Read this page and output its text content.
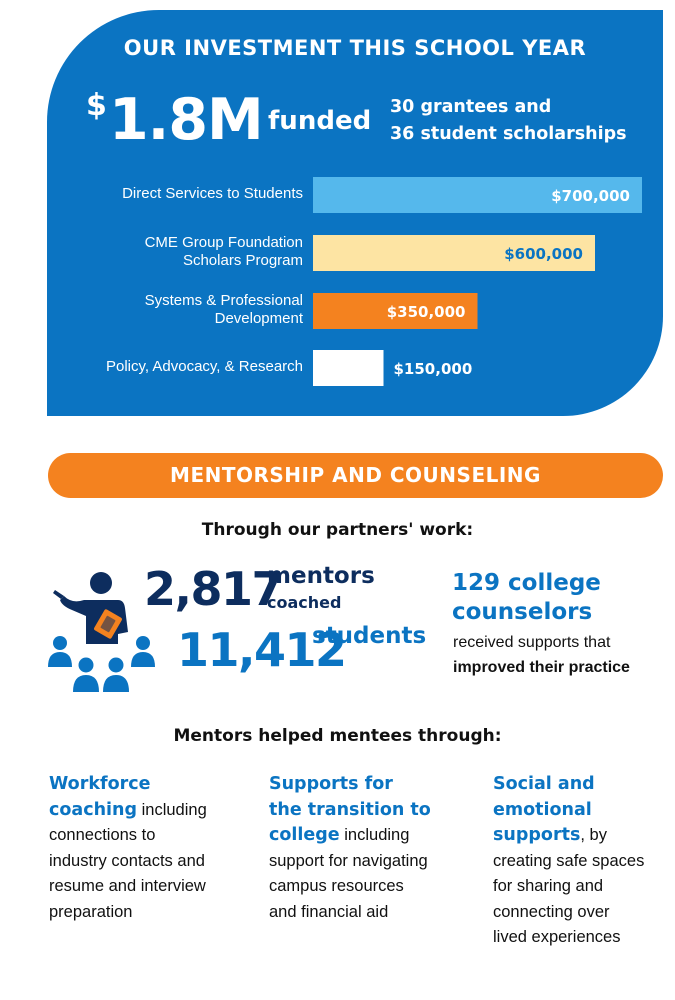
OUR INVESTMENT THIS SCHOOL YEAR
$ 1.8M funded 30 grantees and
36 student scholarships
Direct Services to Students
CME Group Foundation
Scholars Program
Systems & Professional
Development
Policy, Advocacy, & Research
$700,000
$600,000
$350,000
$150,000
MENTORSHIP AND COUNSELING
Through our partners' work:
2,817
mentors
coached
11,412
students
129 college
counselors
received supports that
improved their practice
Mentors helped mentees through:
Workforce
coaching including
connections to
industry contacts and
resume and interview
preparation
Supports for
the transition to
college including
support for navigating
campus resources
and financial aid
Social and
emotional
supports, by
creating safe spaces
for sharing and
connecting over
lived experiences
